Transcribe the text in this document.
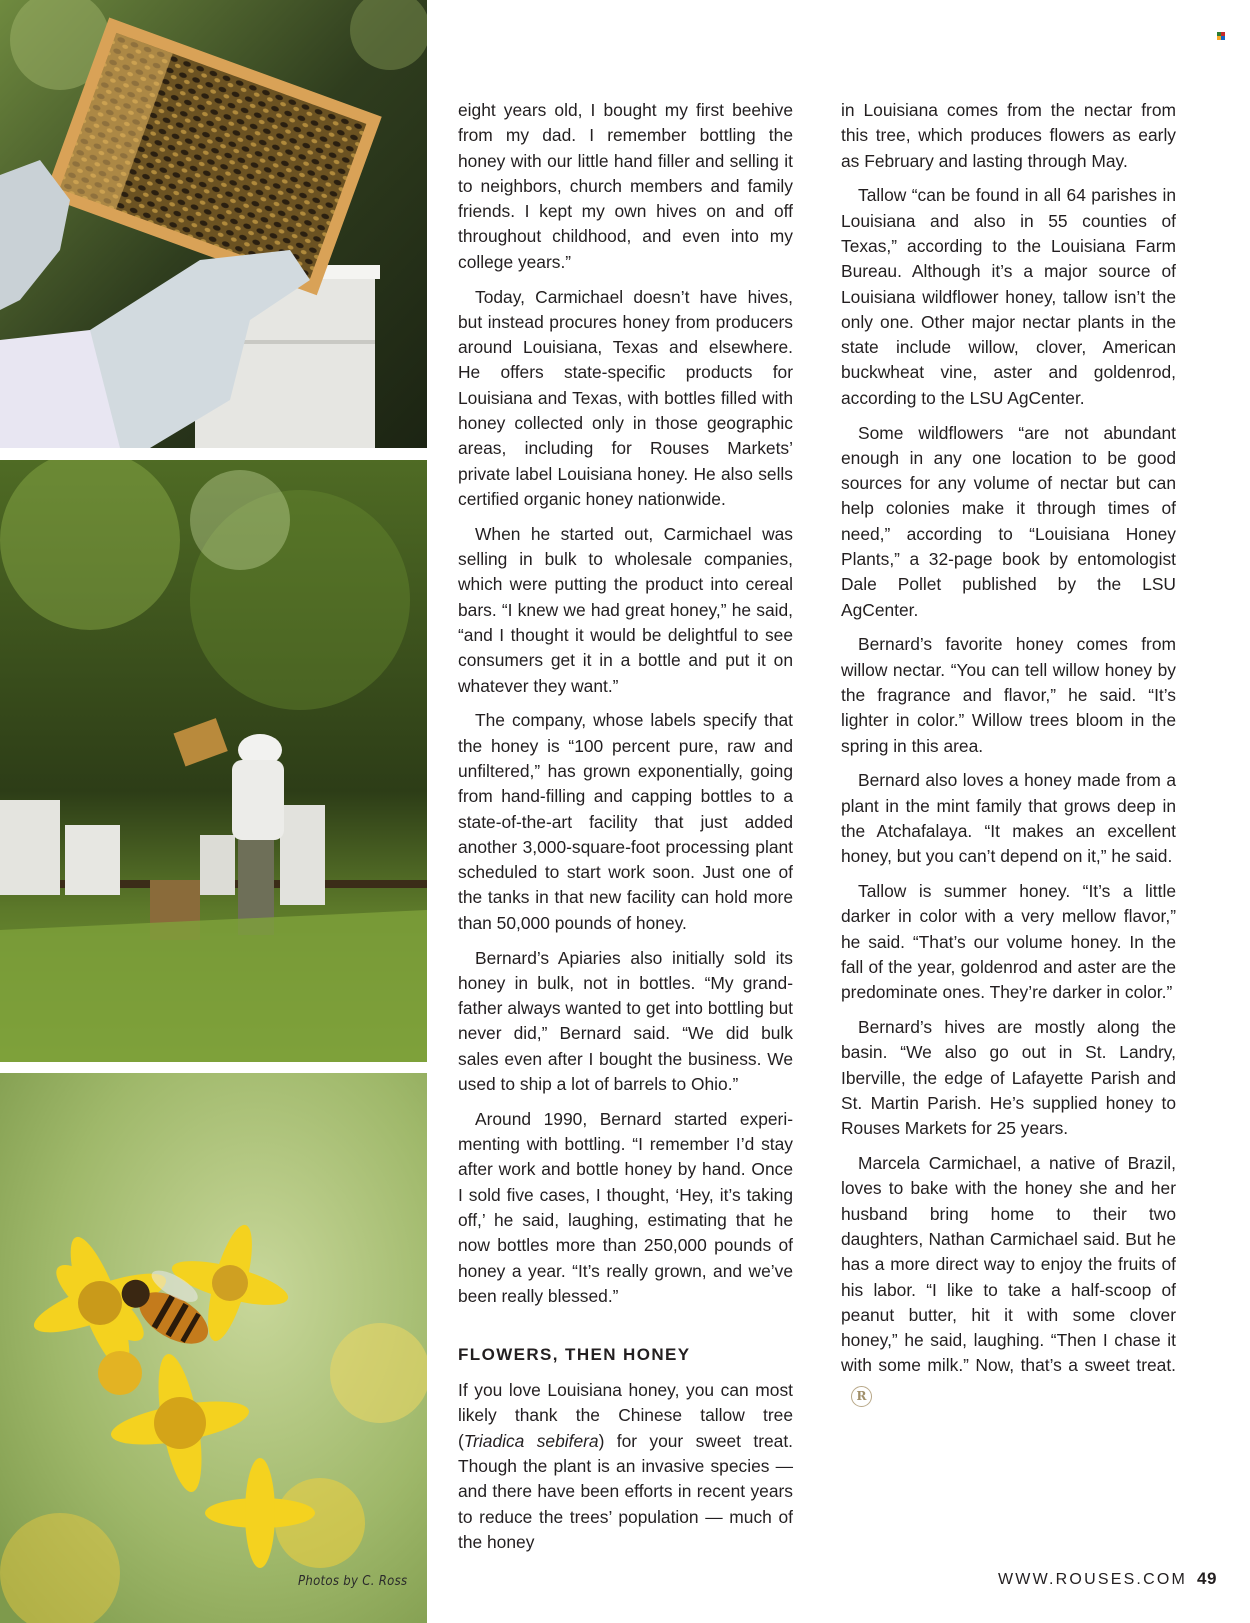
Photos by C. Ross

eight years old, I bought my first beehive from my dad. I remember bottling the honey with our little hand filler and selling it to neighbors, church members and family friends. I kept my own hives on and off throughout childhood, and even into my college years.”

Today, Carmichael doesn’t have hives, but instead procures honey from producers around Louisiana, Texas and elsewhere. He offers state-specific products for Louisiana and Texas, with bottles filled with honey collected only in those geographic areas, including for Rouses Markets’ private label Louisiana honey. He also sells certified organic honey nationwide.

When he started out, Carmichael was selling in bulk to wholesale companies, which were putting the product into cereal bars. “I knew we had great honey,” he said, “and I thought it would be delightful to see consumers get it in a bottle and put it on whatever they want.”

The company, whose labels specify that the honey is “100 percent pure, raw and unfiltered,” has grown exponentially, going from hand-filling and capping bottles to a state-of-the-art facility that just added another 3,000-square-foot processing plant scheduled to start work soon. Just one of the tanks in that new facility can hold more than 50,000 pounds of honey.

Bernard’s Apiaries also initially sold its honey in bulk, not in bottles. “My grand-father always wanted to get into bottling but never did,” Bernard said. “We did bulk sales even after I bought the business. We used to ship a lot of barrels to Ohio.”

Around 1990, Bernard started experi-menting with bottling. “I remember I’d stay after work and bottle honey by hand. Once I sold five cases, I thought, ‘Hey, it’s taking off,’ he said, laughing, estimating that he now bottles more than 250,000 pounds of honey a year. “It’s really grown, and we’ve been really blessed.”

FLOWERS, THEN HONEY

If you love Louisiana honey, you can most likely thank the Chinese tallow tree (Triadica sebifera) for your sweet treat. Though the plant is an invasive species — and there have been efforts in recent years to reduce the trees’ population — much of the honey

in Louisiana comes from the nectar from this tree, which produces flowers as early as February and lasting through May.

Tallow “can be found in all 64 parishes in Louisiana and also in 55 counties of Texas,” according to the Louisiana Farm Bureau. Although it’s a major source of Louisiana wildflower honey, tallow isn’t the only one. Other major nectar plants in the state include willow, clover, American buckwheat vine, aster and goldenrod, according to the LSU AgCenter.

Some wildflowers “are not abundant enough in any one location to be good sources for any volume of nectar but can help colonies make it through times of need,” according to “Louisiana Honey Plants,” a 32-page book by entomologist Dale Pollet published by the LSU AgCenter.

Bernard’s favorite honey comes from willow nectar. “You can tell willow honey by the fragrance and flavor,” he said. “It’s lighter in color.” Willow trees bloom in the spring in this area.

Bernard also loves a honey made from a plant in the mint family that grows deep in the Atchafalaya. “It makes an excellent honey, but you can’t depend on it,” he said.

Tallow is summer honey. “It’s a little darker in color with a very mellow flavor,” he said. “That’s our volume honey. In the fall of the year, goldenrod and aster are the predominate ones. They’re darker in color.”

Bernard’s hives are mostly along the basin. “We also go out in St. Landry, Iberville, the edge of Lafayette Parish and St. Martin Parish. He’s supplied honey to Rouses Markets for 25 years.

Marcela Carmichael, a native of Brazil, loves to bake with the honey she and her husband bring home to their two daughters, Nathan Carmichael said. But he has a more direct way to enjoy the fruits of his labor. “I like to take a half-scoop of peanut butter, hit it with some clover honey,” he said, laughing. “Then I chase it with some milk.” Now, that’s a sweet treat.R

WWW.ROUSES.COM 49
